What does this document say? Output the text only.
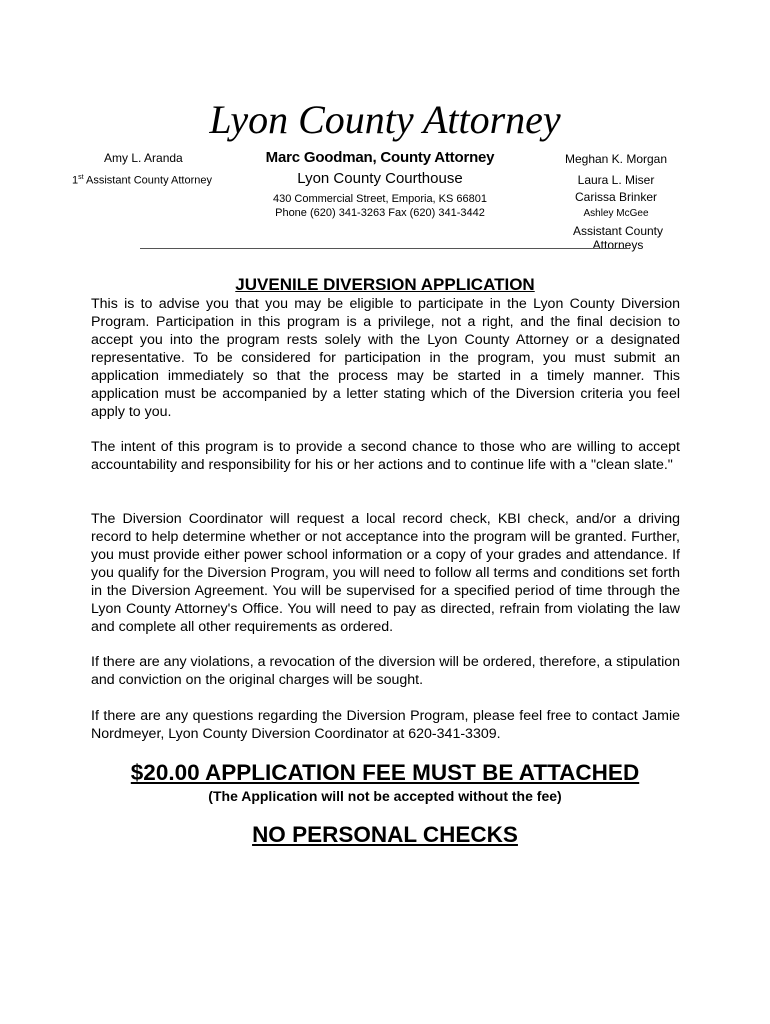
Lyon County Attorney
Amy L. Aranda
1st Assistant County Attorney
Marc Goodman, County Attorney
Lyon County Courthouse
430 Commercial Street, Emporia, KS 66801
Phone (620) 341-3263 Fax (620) 341-3442
Meghan K. Morgan
Laura L. Miser
Carissa Brinker
Ashley McGee
Assistant County Attorneys
JUVENILE DIVERSION APPLICATION
This is to advise you that you may be eligible to participate in the Lyon County Diversion Program. Participation in this program is a privilege, not a right, and the final decision to accept you into the program rests solely with the Lyon County Attorney or a designated representative. To be considered for participation in the program, you must submit an application immediately so that the process may be started in a timely manner. This application must be accompanied by a letter stating which of the Diversion criteria you feel apply to you.
The intent of this program is to provide a second chance to those who are willing to accept accountability and responsibility for his or her actions and to continue life with a "clean slate."
The Diversion Coordinator will request a local record check, KBI check, and/or a driving record to help determine whether or not acceptance into the program will be granted. Further, you must provide either power school information or a copy of your grades and attendance. If you qualify for the Diversion Program, you will need to follow all terms and conditions set forth in the Diversion Agreement. You will be supervised for a specified period of time through the Lyon County Attorney's Office. You will need to pay as directed, refrain from violating the law and complete all other requirements as ordered.
If there are any violations, a revocation of the diversion will be ordered, therefore, a stipulation and conviction on the original charges will be sought.
If there are any questions regarding the Diversion Program, please feel free to contact Jamie Nordmeyer, Lyon County Diversion Coordinator at 620-341-3309.
$20.00 APPLICATION FEE MUST BE ATTACHED
(The Application will not be accepted without the fee)
NO PERSONAL CHECKS
